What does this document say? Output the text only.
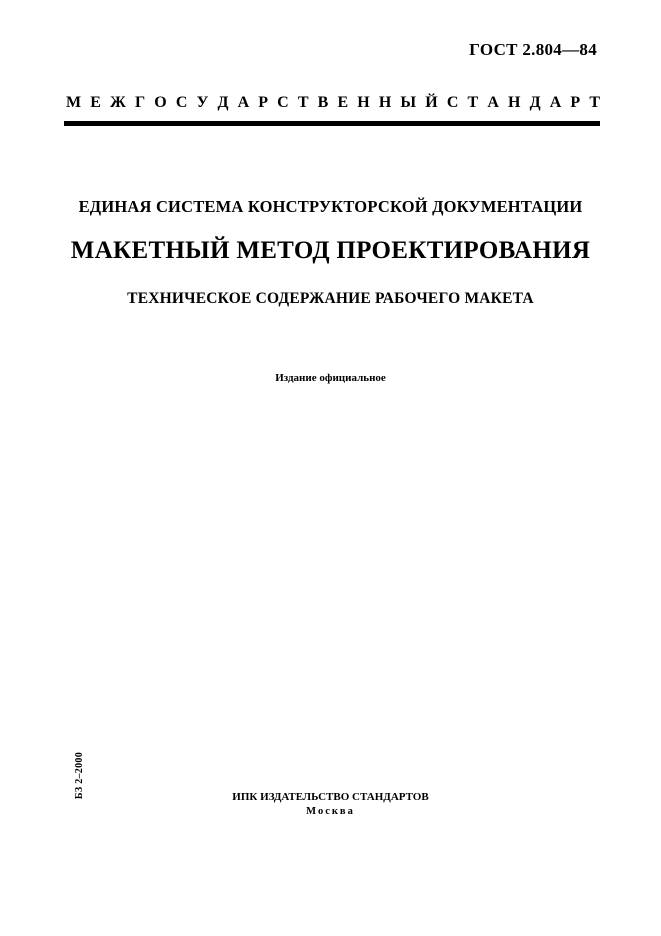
ГОСТ 2.804—84
М Е Ж Г О С У Д А Р С Т В Е Н Н Ы Й С Т А Н Д А Р Т
ЕДИНАЯ СИСТЕМА КОНСТРУКТОРСКОЙ ДОКУМЕНТАЦИИ
МАКЕТНЫЙ МЕТОД ПРОЕКТИРОВАНИЯ
ТЕХНИЧЕСКОЕ СОДЕРЖАНИЕ РАБОЧЕГО МАКЕТА
Издание официальное
БЗ 2–2000	ИПК ИЗДАТЕЛЬСТВО СТАНДАРТОВ
Москва
